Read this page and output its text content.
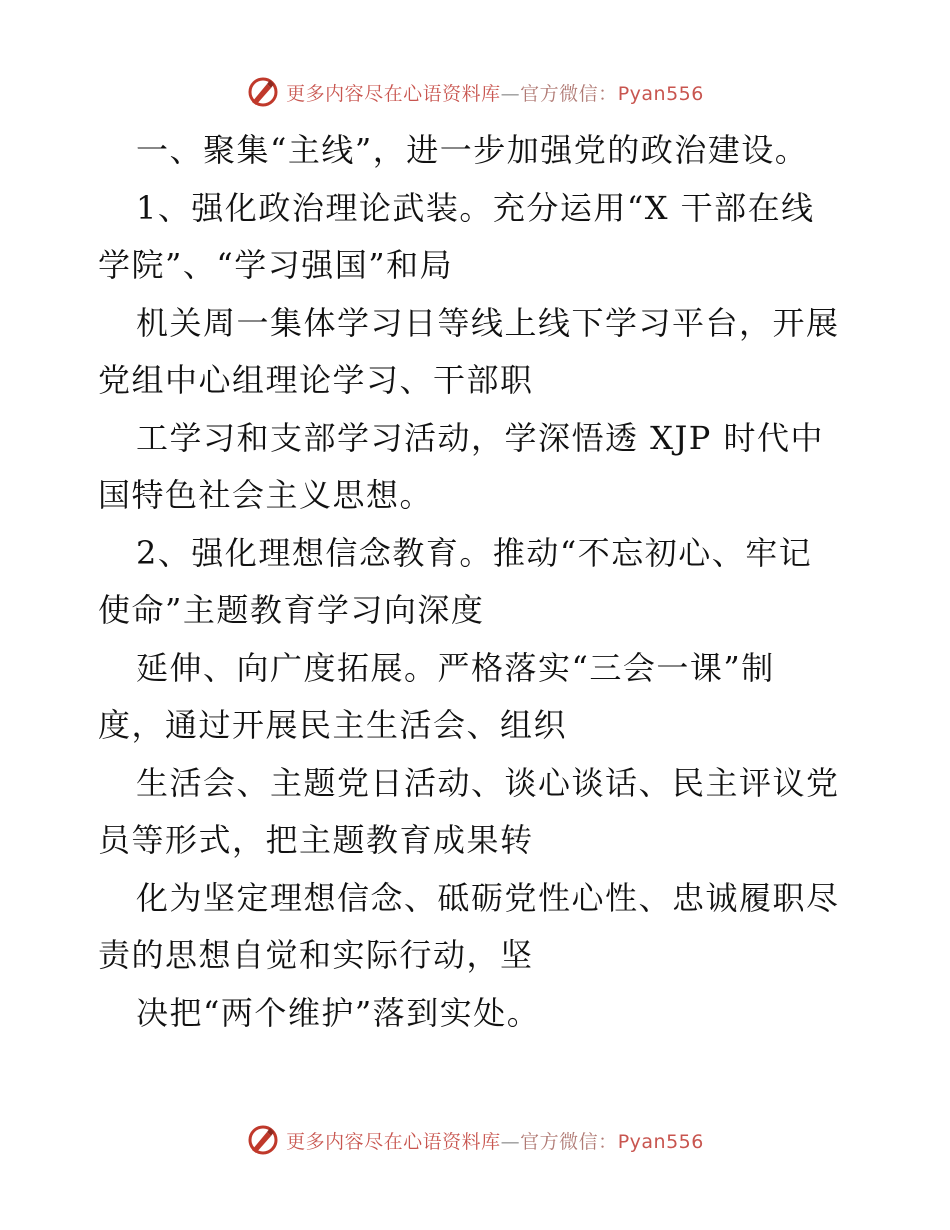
更多内容尽在心语资料库—官方微信：Pyan556
一、聚集“主线”，进一步加强党的政治建设。
1、强化政治理论武装。充分运用“X 干部在线
学院”、“学习强国”和局
机关周一集体学习日等线上线下学习平台，开展
党组中心组理论学习、干部职
工学习和支部学习活动，学深悟透 XJP 时代中
国特色社会主义思想。
2、强化理想信念教育。推动“不忘初心、牢记
使命”主题教育学习向深度
延伸、向广度拓展。严格落实“三会一课”制
度，通过开展民主生活会、组织
生活会、主题党日活动、谈心谈话、民主评议党
员等形式，把主题教育成果转
化为坚定理想信念、砥砺党性心性、忠诚履职尽
责的思想自觉和实际行动，坚
决把“两个维护”落到实处。
更多内容尽在心语资料库—官方微信：Pyan556
